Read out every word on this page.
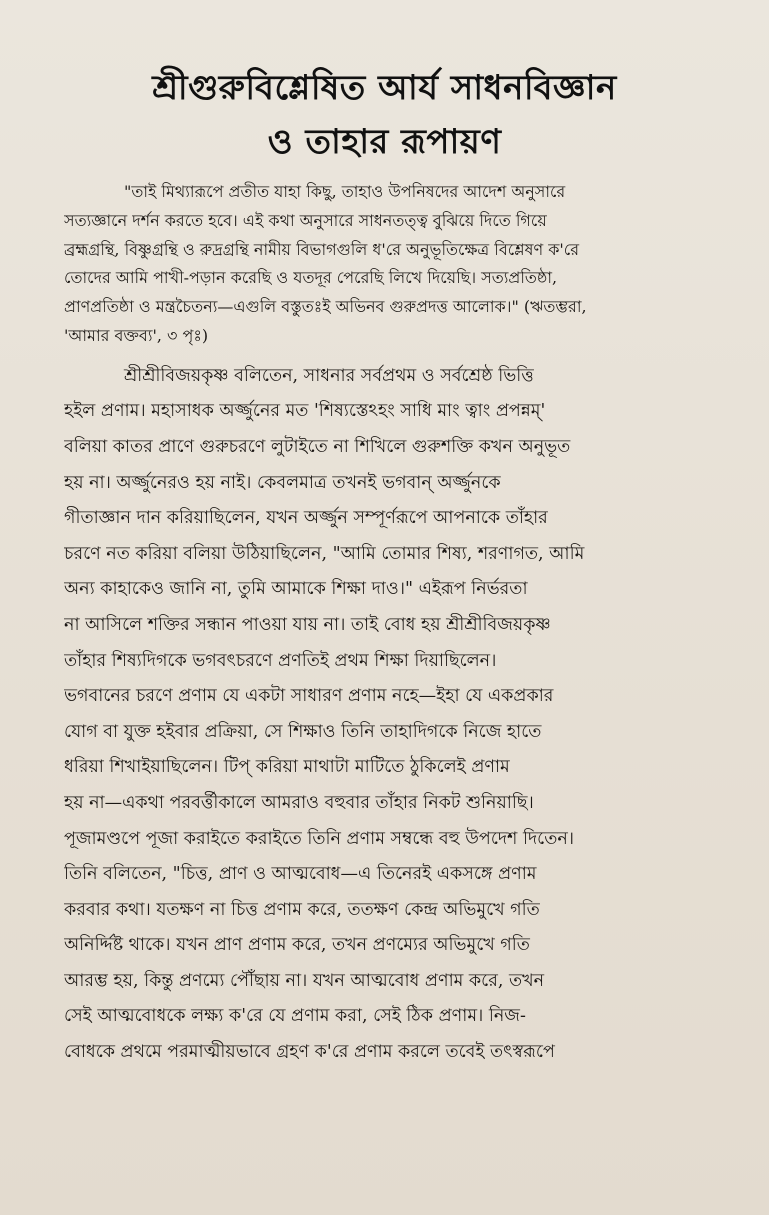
শ্রীগুরুবিশ্লেষিত আর্য সাধনবিজ্ঞান
ও তাহার রূপায়ণ
"তাই মিথ্যারূপে প্রতীত যাহা কিছু, তাহাও উপনিষদের আদেশ অনুসারে
সত্যজ্ঞানে দর্শন করতে হবে। এই কথা অনুসারে সাধনতত্ত্ব বুঝিয়ে দিতে গিয়ে
ব্রহ্মগ্রন্থি, বিষ্ণুগ্রন্থি ও রুদ্রগ্রন্থি নামীয় বিভাগগুলি ধ'রে অনুভূতিক্ষেত্র বিশ্লেষণ ক'রে
তোদের আমি পাখী-পড়ান করেছি ও যতদূর পেরেছি লিখে দিয়েছি। সত্যপ্রতিষ্ঠা,
প্রাণপ্রতিষ্ঠা ও মন্ত্রচৈতন্য—এগুলি বস্তুতঃই অভিনব গুরুপ্রদত্ত আলোক।" (ঋতম্ভরা,
'আমার বক্তব্য', ৩ পৃঃ)
শ্রীশ্রীবিজয়কৃষ্ণ বলিতেন, সাধনার সর্বপ্রথম ও সর্বশ্রেষ্ঠ ভিত্তি
হইল প্রণাম। মহাসাধক অর্জ্জুনের মত 'শিষ্যস্তেঽহং সাধি মাং ত্বাং প্রপন্নম্'
বলিয়া কাতর প্রাণে গুরুচরণে লুটাইতে না শিখিলে গুরুশক্তি কখন অনুভূত
হয় না। অর্জ্জুনেরও হয় নাই। কেবলমাত্র তখনই ভগবান্ অর্জ্জুনকে
গীতাজ্ঞান দান করিয়াছিলেন, যখন অর্জ্জুন সম্পূর্ণরূপে আপনাকে তাঁহার
চরণে নত করিয়া বলিয়া উঠিয়াছিলেন, "আমি তোমার শিষ্য, শরণাগত, আমি
অন্য কাহাকেও জানি না, তুমি আমাকে শিক্ষা দাও।" এইরূপ নির্ভরতা
না আসিলে শক্তির সন্ধান পাওয়া যায় না। তাই বোধ হয় শ্রীশ্রীবিজয়কৃষ্ণ
তাঁহার শিষ্যদিগকে ভগবৎচরণে প্রণতিই প্রথম শিক্ষা দিয়াছিলেন।
ভগবানের চরণে প্রণাম যে একটা সাধারণ প্রণাম নহে—ইহা যে একপ্রকার
যোগ বা যুক্ত হইবার প্রক্রিয়া, সে শিক্ষাও তিনি তাহাদিগকে নিজে হাতে
ধরিয়া শিখাইয়াছিলেন। টিপ্ করিয়া মাথাটা মাটিতে ঠুকিলেই প্রণাম
হয় না—একথা পরবর্ত্তীকালে আমরাও বহুবার তাঁহার নিকট শুনিয়াছি।
পূজামণ্ডপে পূজা করাইতে করাইতে তিনি প্রণাম সম্বন্ধে বহু উপদেশ দিতেন।
তিনি বলিতেন, "চিত্ত, প্রাণ ও আত্মবোধ—এ তিনেরই একসঙ্গে প্রণাম
করবার কথা। যতক্ষণ না চিত্ত প্রণাম করে, ততক্ষণ কেন্দ্র অভিমুখে গতি
অনির্দ্দিষ্ট থাকে। যখন প্রাণ প্রণাম করে, তখন প্রণম্যের অভিমুখে গতি
আরম্ভ হয়, কিন্তু প্রণম্যে পৌঁছায় না। যখন আত্মবোধ প্রণাম করে, তখন
সেই আত্মবোধকে লক্ষ্য ক'রে যে প্রণাম করা, সেই ঠিক প্রণাম। নিজ-
বোধকে প্রথমে পরমাত্মীয়ভাবে গ্রহণ ক'রে প্রণাম করলে তবেই তৎস্বরূপে
